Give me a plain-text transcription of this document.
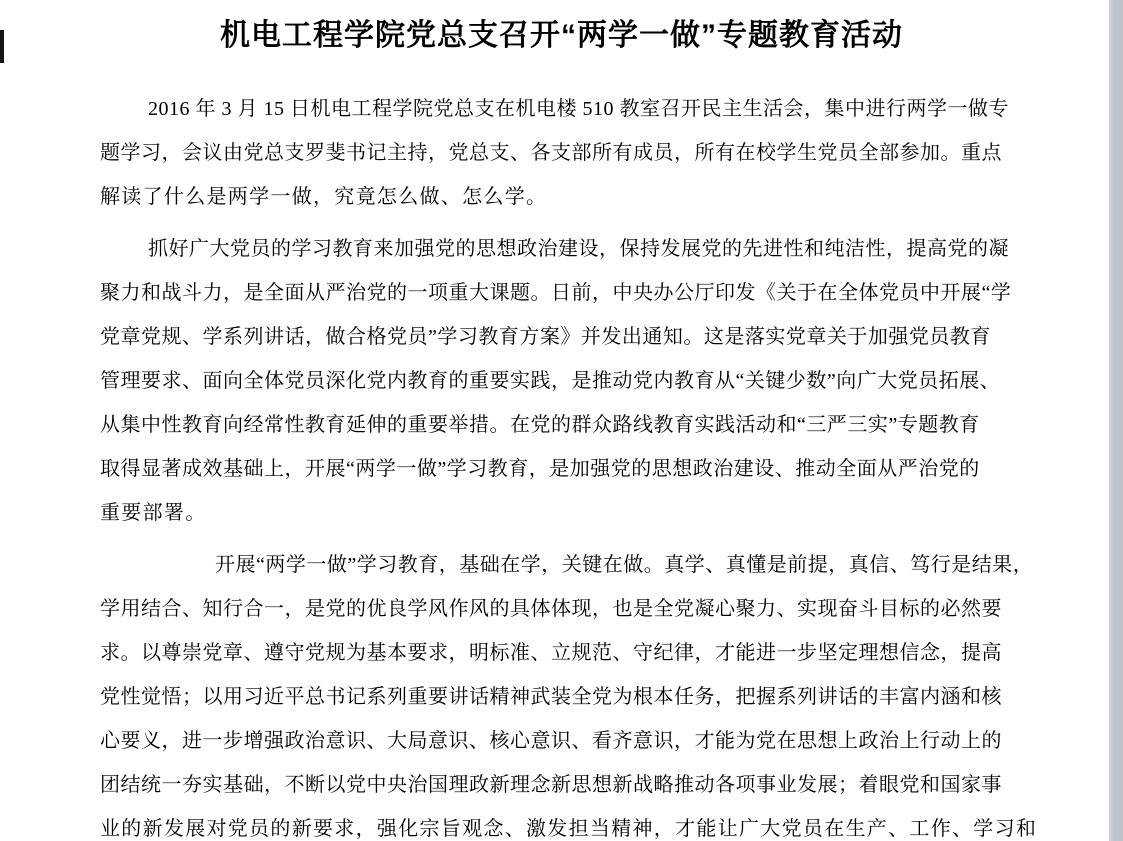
机电工程学院党总支召开“两学一做”专题教育活动
2016 年 3 月 15 日机电工程学院党总支在机电楼 510 教室召开民主生活会，集中进行两学一做专
题学习，会议由党总支罗斐书记主持，党总支、各支部所有成员，所有在校学生党员全部参加。重点
解读了什么是两学一做，究竟怎么做、怎么学。
抓好广大党员的学习教育来加强党的思想政治建设，保持发展党的先进性和纯洁性，提高党的凝
聚力和战斗力，是全面从严治党的一项重大课题。日前，中央办公厅印发《关于在全体党员中开展“学
党章党规、学系列讲话，做合格党员”学习教育方案》并发出通知。这是落实党章关于加强党员教育
管理要求、面向全体党员深化党内教育的重要实践，是推动党内教育从“关键少数”向广大党员拓展、
从集中性教育向经常性教育延伸的重要举措。在党的群众路线教育实践活动和“三严三实”专题教育
取得显著成效基础上，开展“两学一做”学习教育，是加强党的思想政治建设、推动全面从严治党的
重要部署。
开展“两学一做”学习教育，基础在学，关键在做。真学、真懂是前提，真信、笃行是结果，
学用结合、知行合一，是党的优良学风作风的具体体现，也是全党凝心聚力、实现奋斗目标的必然要
求。以尊崇党章、遵守党规为基本要求，明标准、立规范、守纪律，才能进一步坚定理想信念，提高
党性觉悟；以用习近平总书记系列重要讲话精神武装全党为根本任务，把握系列讲话的丰富内涵和核
心要义，进一步增强政治意识、大局意识、核心意识、看齐意识，才能为党在思想上政治上行动上的
团结统一夯实基础，不断以党中央治国理政新理念新思想新战略推动各项事业发展；着眼党和国家事
业的新发展对党员的新要求，强化宗旨观念、激发担当精神，才能让广大党员在生产、工作、学习和
